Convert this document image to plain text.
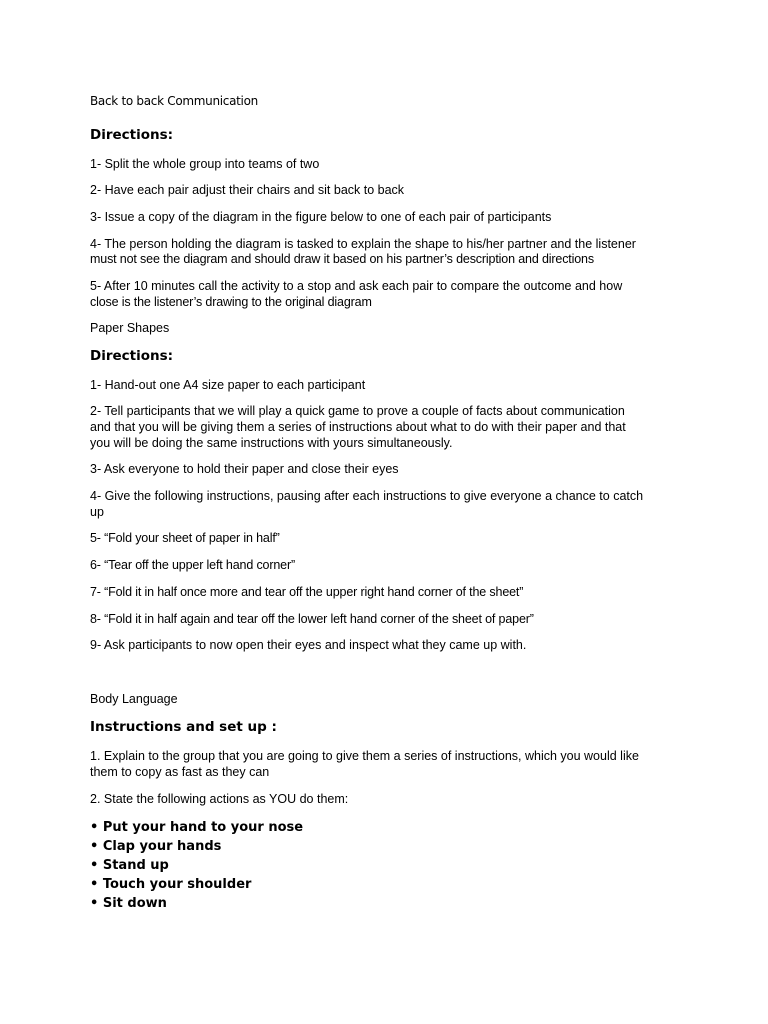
Back to back Communication

Directions:

1- Split the whole group into teams of two

2- Have each pair adjust their chairs and sit back to back

3- Issue a copy of the diagram in the figure below to one of each pair of participants

4- The person holding the diagram is tasked to explain the shape to his/her partner and the listener

must not see the diagram and should draw it based on his partner’s description and directions

5- After 10 minutes call the activity to a stop and ask each pair to compare the outcome and how

close is the listener’s drawing to the original diagram

Paper Shapes

Directions:

1- Hand-out one A4 size paper to each participant

2- Tell participants that we will play a quick game to prove a couple of facts about communication

and that you will be giving them a series of instructions about what to do with their paper and that

you will be doing the same instructions with yours simultaneously.

3- Ask everyone to hold their paper and close their eyes

4- Give the following instructions, pausing after each instructions to give everyone a chance to catch

up

5- “Fold your sheet of paper in half”

6- “Tear off the upper left hand corner”

7- “Fold it in half once more and tear off the upper right hand corner of the sheet”

8- “Fold it in half again and tear off the lower left hand corner of the sheet of paper”

9- Ask participants to now open their eyes and inspect what they came up with.

Body Language

Instructions and set up :

1. Explain to the group that you are going to give them a series of instructions, which you would like

them to copy as fast as they can

2. State the following actions as YOU do them:

• Put your hand to your nose
• Clap your hands
• Stand up
• Touch your shoulder
• Sit down
